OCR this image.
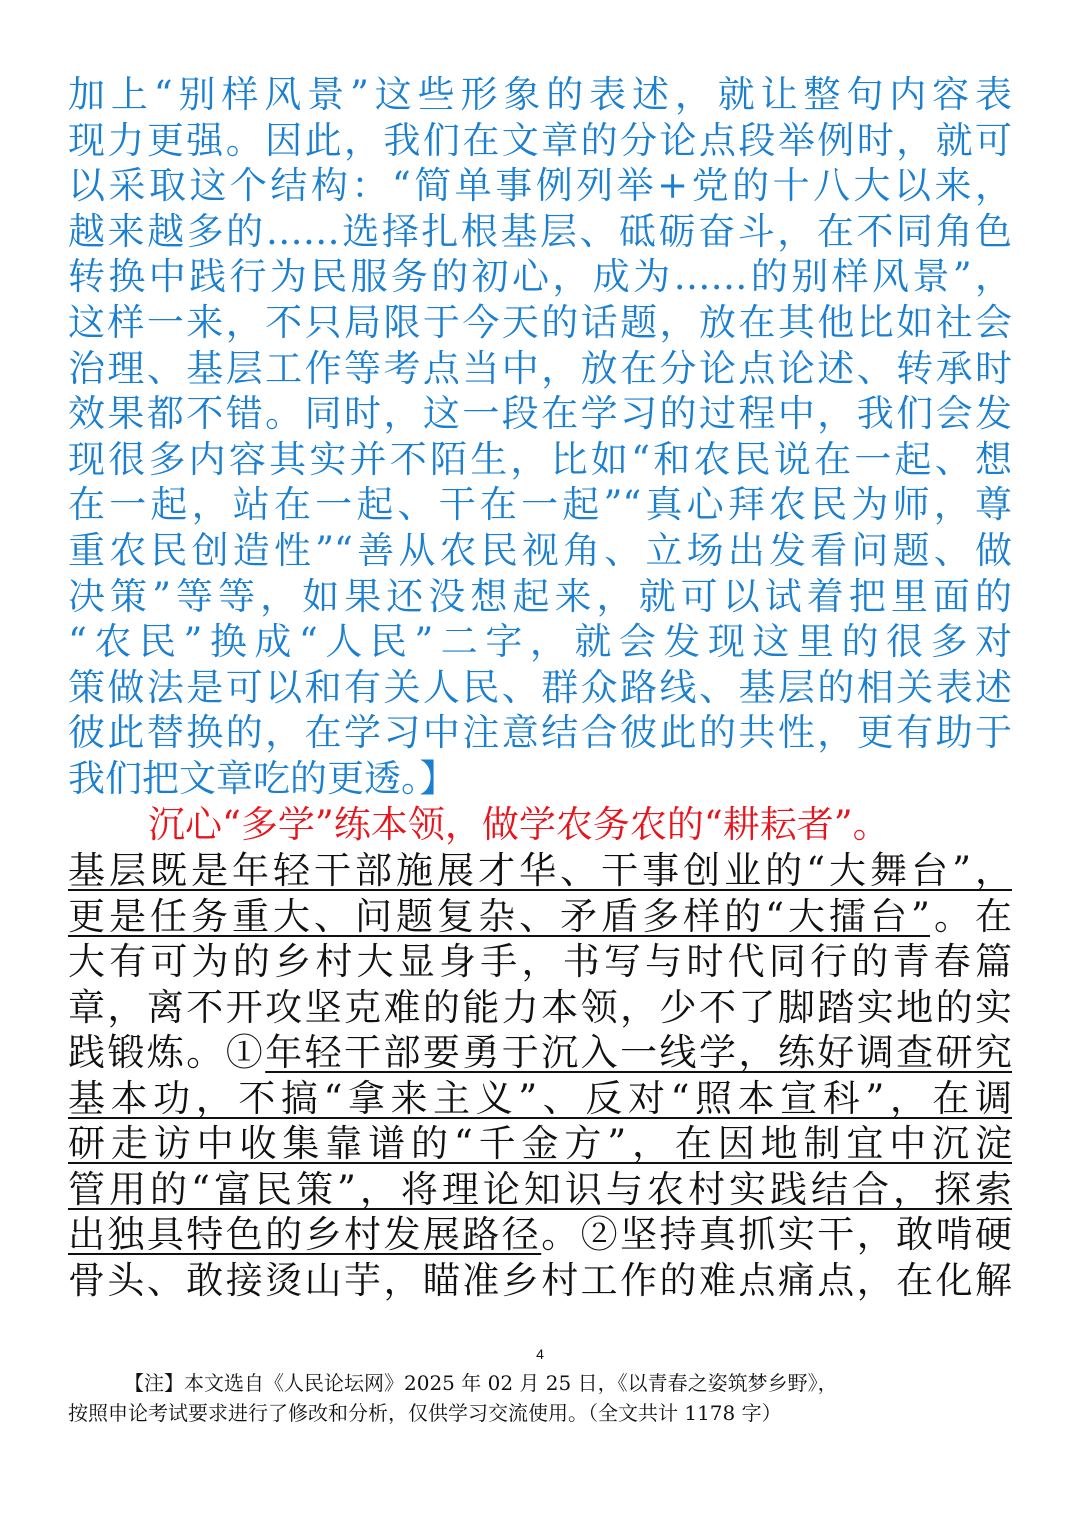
加上“别样风景”这些形象的表述，就让整句内容表
现力更强。因此，我们在文章的分论点段举例时，就可
以采取这个结构：“简单事例列举+党的十八大以来，
越来越多的……选择扎根基层、砥砺奋斗，在不同角色
转换中践行为民服务的初心，成为……的别样风景”，
这样一来，不只局限于今天的话题，放在其他比如社会
治理、基层工作等考点当中，放在分论点论述、转承时
效果都不错。同时，这一段在学习的过程中，我们会发
现很多内容其实并不陌生，比如“和农民说在一起、想
在一起，站在一起、干在一起”“真心拜农民为师，尊
重农民创造性”“善从农民视角、立场出发看问题、做
决策”等等，如果还没想起来，就可以试着把里面的
“农民”换成“人民”二字，就会发现这里的很多对
策做法是可以和有关人民、群众路线、基层的相关表述
彼此替换的，在学习中注意结合彼此的共性，更有助于
我们把文章吃的更透。】
沉心“多学”练本领，做学农务农的“耕耘者”。
基层既是年轻干部施展才华、干事创业的“大舞台”，
更是任务重大、问题复杂、矛盾多样的“大擂台”。在
大有可为的乡村大显身手，书写与时代同行的青春篇
章，离不开攻坚克难的能力本领，少不了脚踏实地的实
践锻炼。①年轻干部要勇于沉入一线学，练好调查研究
基本功，不搞“拿来主义”、反对“照本宣科”，在调
研走访中收集靠谱的“千金方”，在因地制宜中沉淀
管用的“富民策”，将理论知识与农村实践结合，探索
出独具特色的乡村发展路径。②坚持真抓实干，敢啃硬
骨头、敢接烫山芋，瞄准乡村工作的难点痛点，在化解
4
【注】本文选自《人民论坛网》2025 年 02 月 25 日，《以青春之姿筑梦乡野》，
按照申论考试要求进行了修改和分析，仅供学习交流使用。（全文共计 1178 字）
